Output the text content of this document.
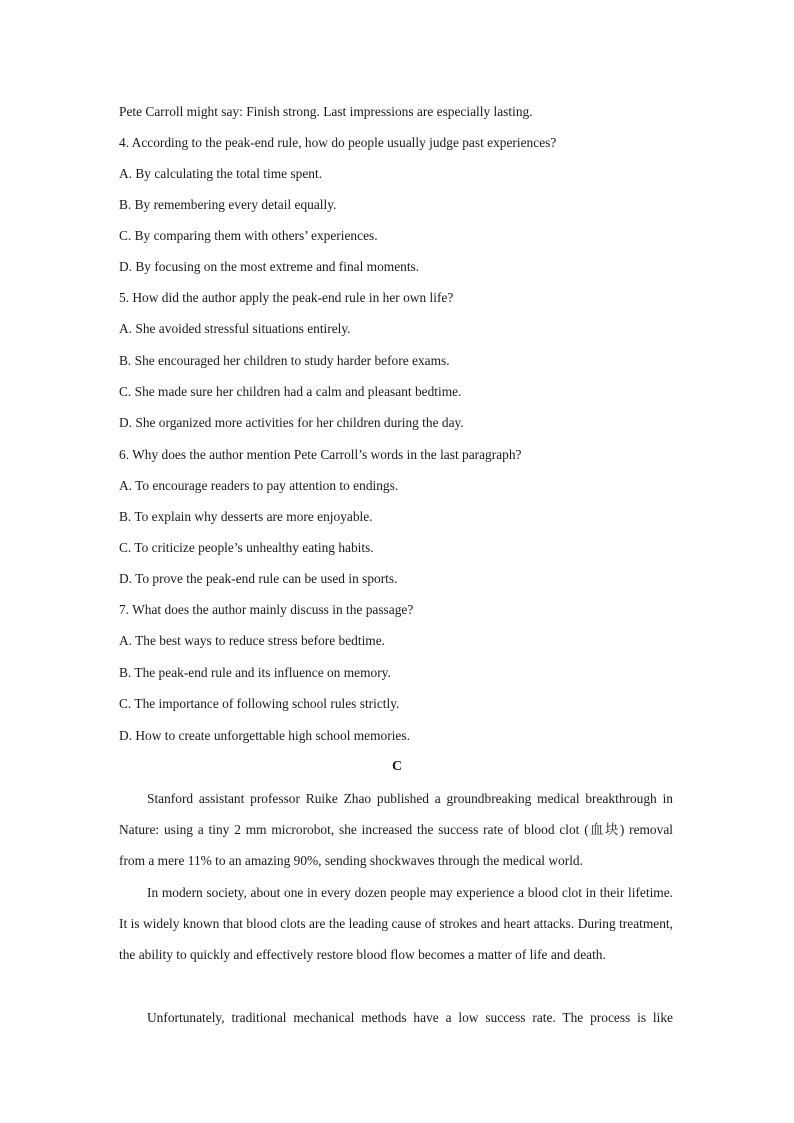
Pete Carroll might say: Finish strong. Last impressions are especially lasting.
4. According to the peak-end rule, how do people usually judge past experiences?
A. By calculating the total time spent.
B. By remembering every detail equally.
C. By comparing them with others’ experiences.
D. By focusing on the most extreme and final moments.
5. How did the author apply the peak-end rule in her own life?
A. She avoided stressful situations entirely.
B. She encouraged her children to study harder before exams.
C. She made sure her children had a calm and pleasant bedtime.
D. She organized more activities for her children during the day.
6. Why does the author mention Pete Carroll’s words in the last paragraph?
A. To encourage readers to pay attention to endings.
B. To explain why desserts are more enjoyable.
C. To criticize people’s unhealthy eating habits.
D. To prove the peak-end rule can be used in sports.
7. What does the author mainly discuss in the passage?
A. The best ways to reduce stress before bedtime.
B. The peak-end rule and its influence on memory.
C. The importance of following school rules strictly.
D. How to create unforgettable high school memories.
C
Stanford assistant professor Ruike Zhao published a groundbreaking medical breakthrough in Nature: using a tiny 2 mm microrobot, she increased the success rate of blood clot (血块) removal from a mere 11% to an amazing 90%, sending shockwaves through the medical world.
In modern society, about one in every dozen people may experience a blood clot in their lifetime. It is widely known that blood clots are the leading cause of strokes and heart attacks. During treatment, the ability to quickly and effectively restore blood flow becomes a matter of life and death.
Unfortunately, traditional mechanical methods have a low success rate. The process is like
